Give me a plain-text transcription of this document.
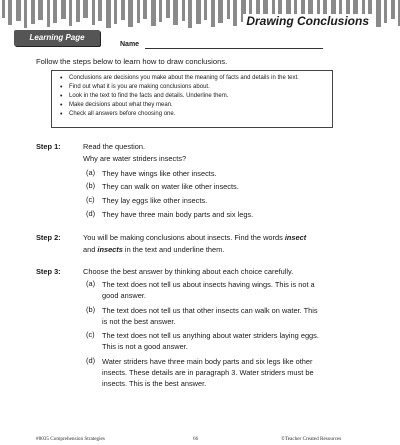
Drawing Conclusions
Learning Page
Name
Follow the steps below to learn how to draw conclusions.
• Conclusions are decisions you make about the meaning of facts and details in the text.
• Find out what it is you are making conclusions about.
• Look in the text to find the facts and details. Underline them.
• Make decisions about what they mean.
• Check all answers before choosing one.
Step 1:	Read the question.
Why are water striders insects?
(a) They have wings like other insects.
(b) They can walk on water like other insects.
(c) They lay eggs like other insects.
(d) They have three main body parts and six legs.
Step 2:	You will be making conclusions about insects. Find the words insect
and insects in the text and underline them.
Step 3:	Choose the best answer by thinking about each choice carefully.
(a) The text does not tell us about insects having wings. This is not a
good answer.
(b) The text does not tell us that other insects can walk on water. This
is not the best answer.
(c) The text does not tell us anything about water striders laying eggs.
This is not a good answer.
(d) Water striders have three main body parts and six legs like other
insects. These details are in paragraph 3. Water striders must be
insects. This is the best answer.
#8035 Comprehension Strategies	66	©Teacher Created Resources
